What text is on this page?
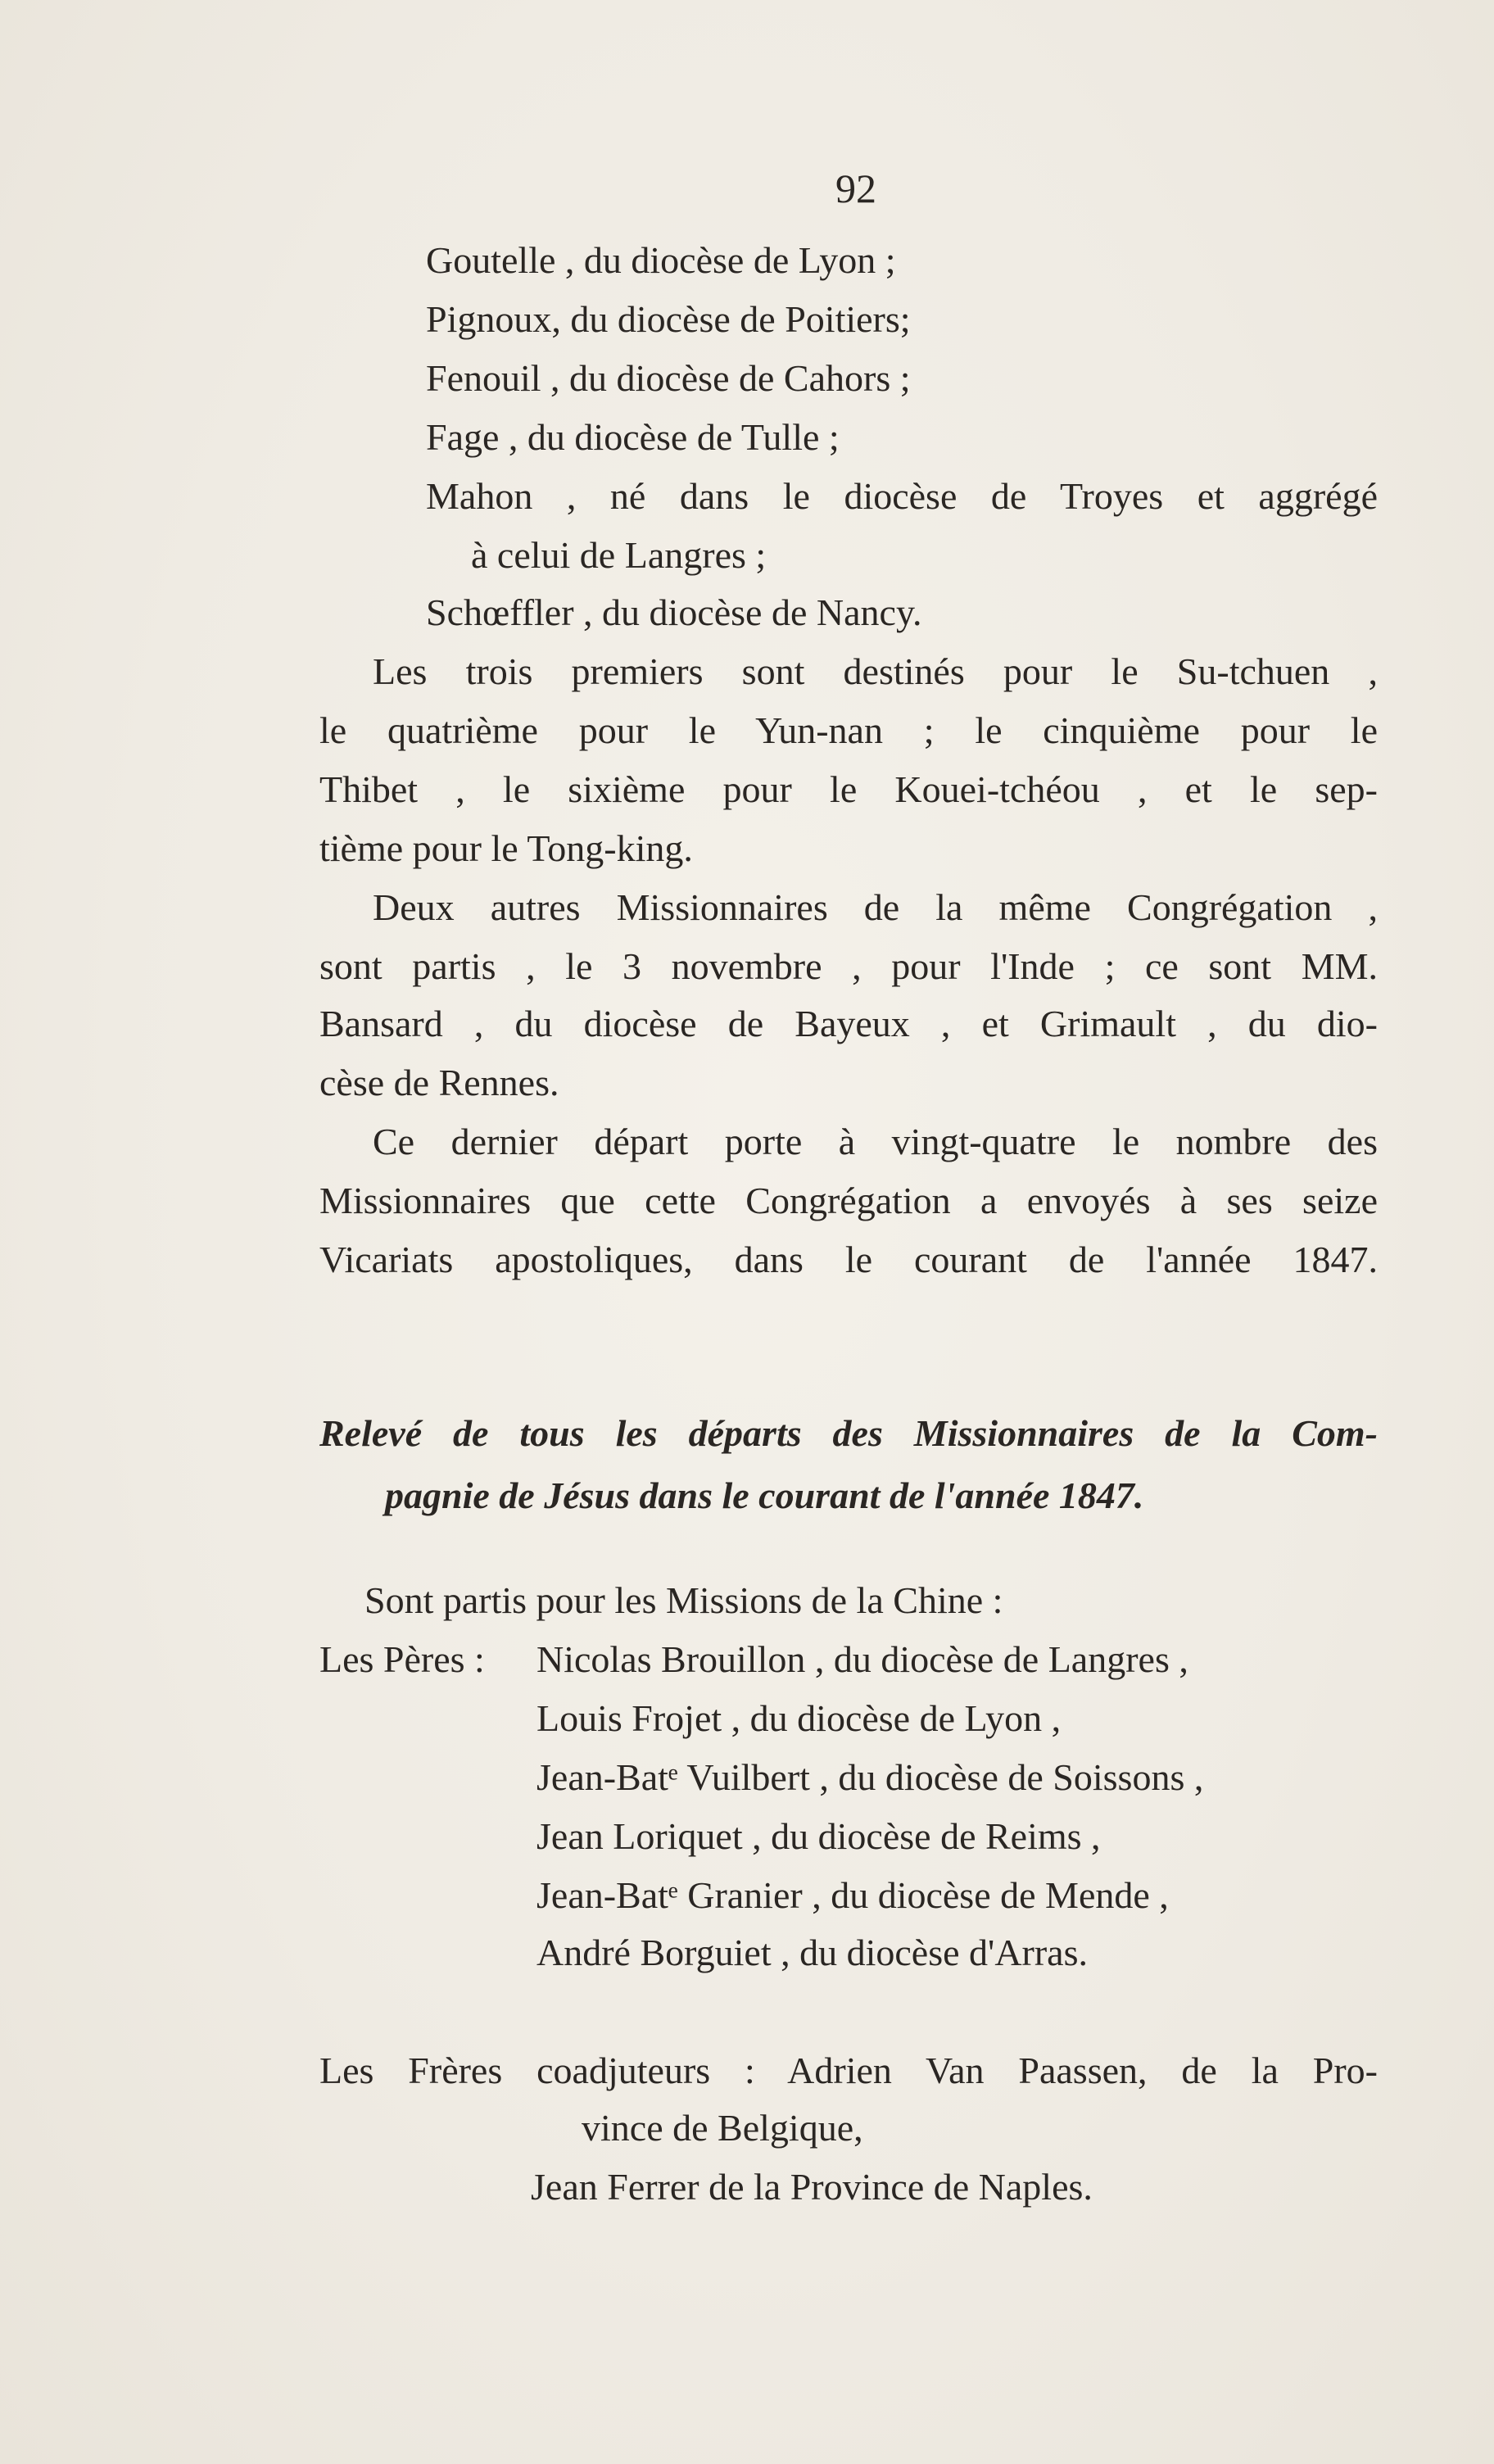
92
Goutelle , du diocèse de Lyon ;
Pignoux, du diocèse de Poitiers;
Fenouil , du diocèse de Cahors ;
Fage , du diocèse de Tulle ;
Mahon , né dans le diocèse de Troyes et aggrégé
à celui de Langres ;
Schœffler , du diocèse de Nancy.
Les trois premiers sont destinés pour le Su-tchuen ,
le quatrième pour le Yun-nan ; le cinquième pour le
Thibet , le sixième pour le Kouei-tchéou , et le sep-
tième pour le Tong-king.
Deux autres Missionnaires de la même Congrégation ,
sont partis , le 3 novembre , pour l'Inde ; ce sont MM.
Bansard , du diocèse de Bayeux , et Grimault , du dio-
cèse de Rennes.
Ce dernier départ porte à vingt-quatre le nombre des
Missionnaires que cette Congrégation a envoyés à ses seize
Vicariats apostoliques, dans le courant de l'année 1847.
Relevé de tous les départs des Missionnaires de la Com-
pagnie de Jésus dans le courant de l'année 1847.
Sont partis pour les Missions de la Chine :
Les Pères : Nicolas Brouillon , du diocèse de Langres ,
Louis Frojet , du diocèse de Lyon ,
Jean-Batᵉ Vuilbert , du diocèse de Soissons ,
Jean Loriquet , du diocèse de Reims ,
Jean-Batᵉ Granier , du diocèse de Mende ,
André Borguiet , du diocèse d'Arras.
Les Frères coadjuteurs : Adrien Van Paassen, de la Pro-
vince de Belgique,
Jean Ferrer de la Province de Naples.
